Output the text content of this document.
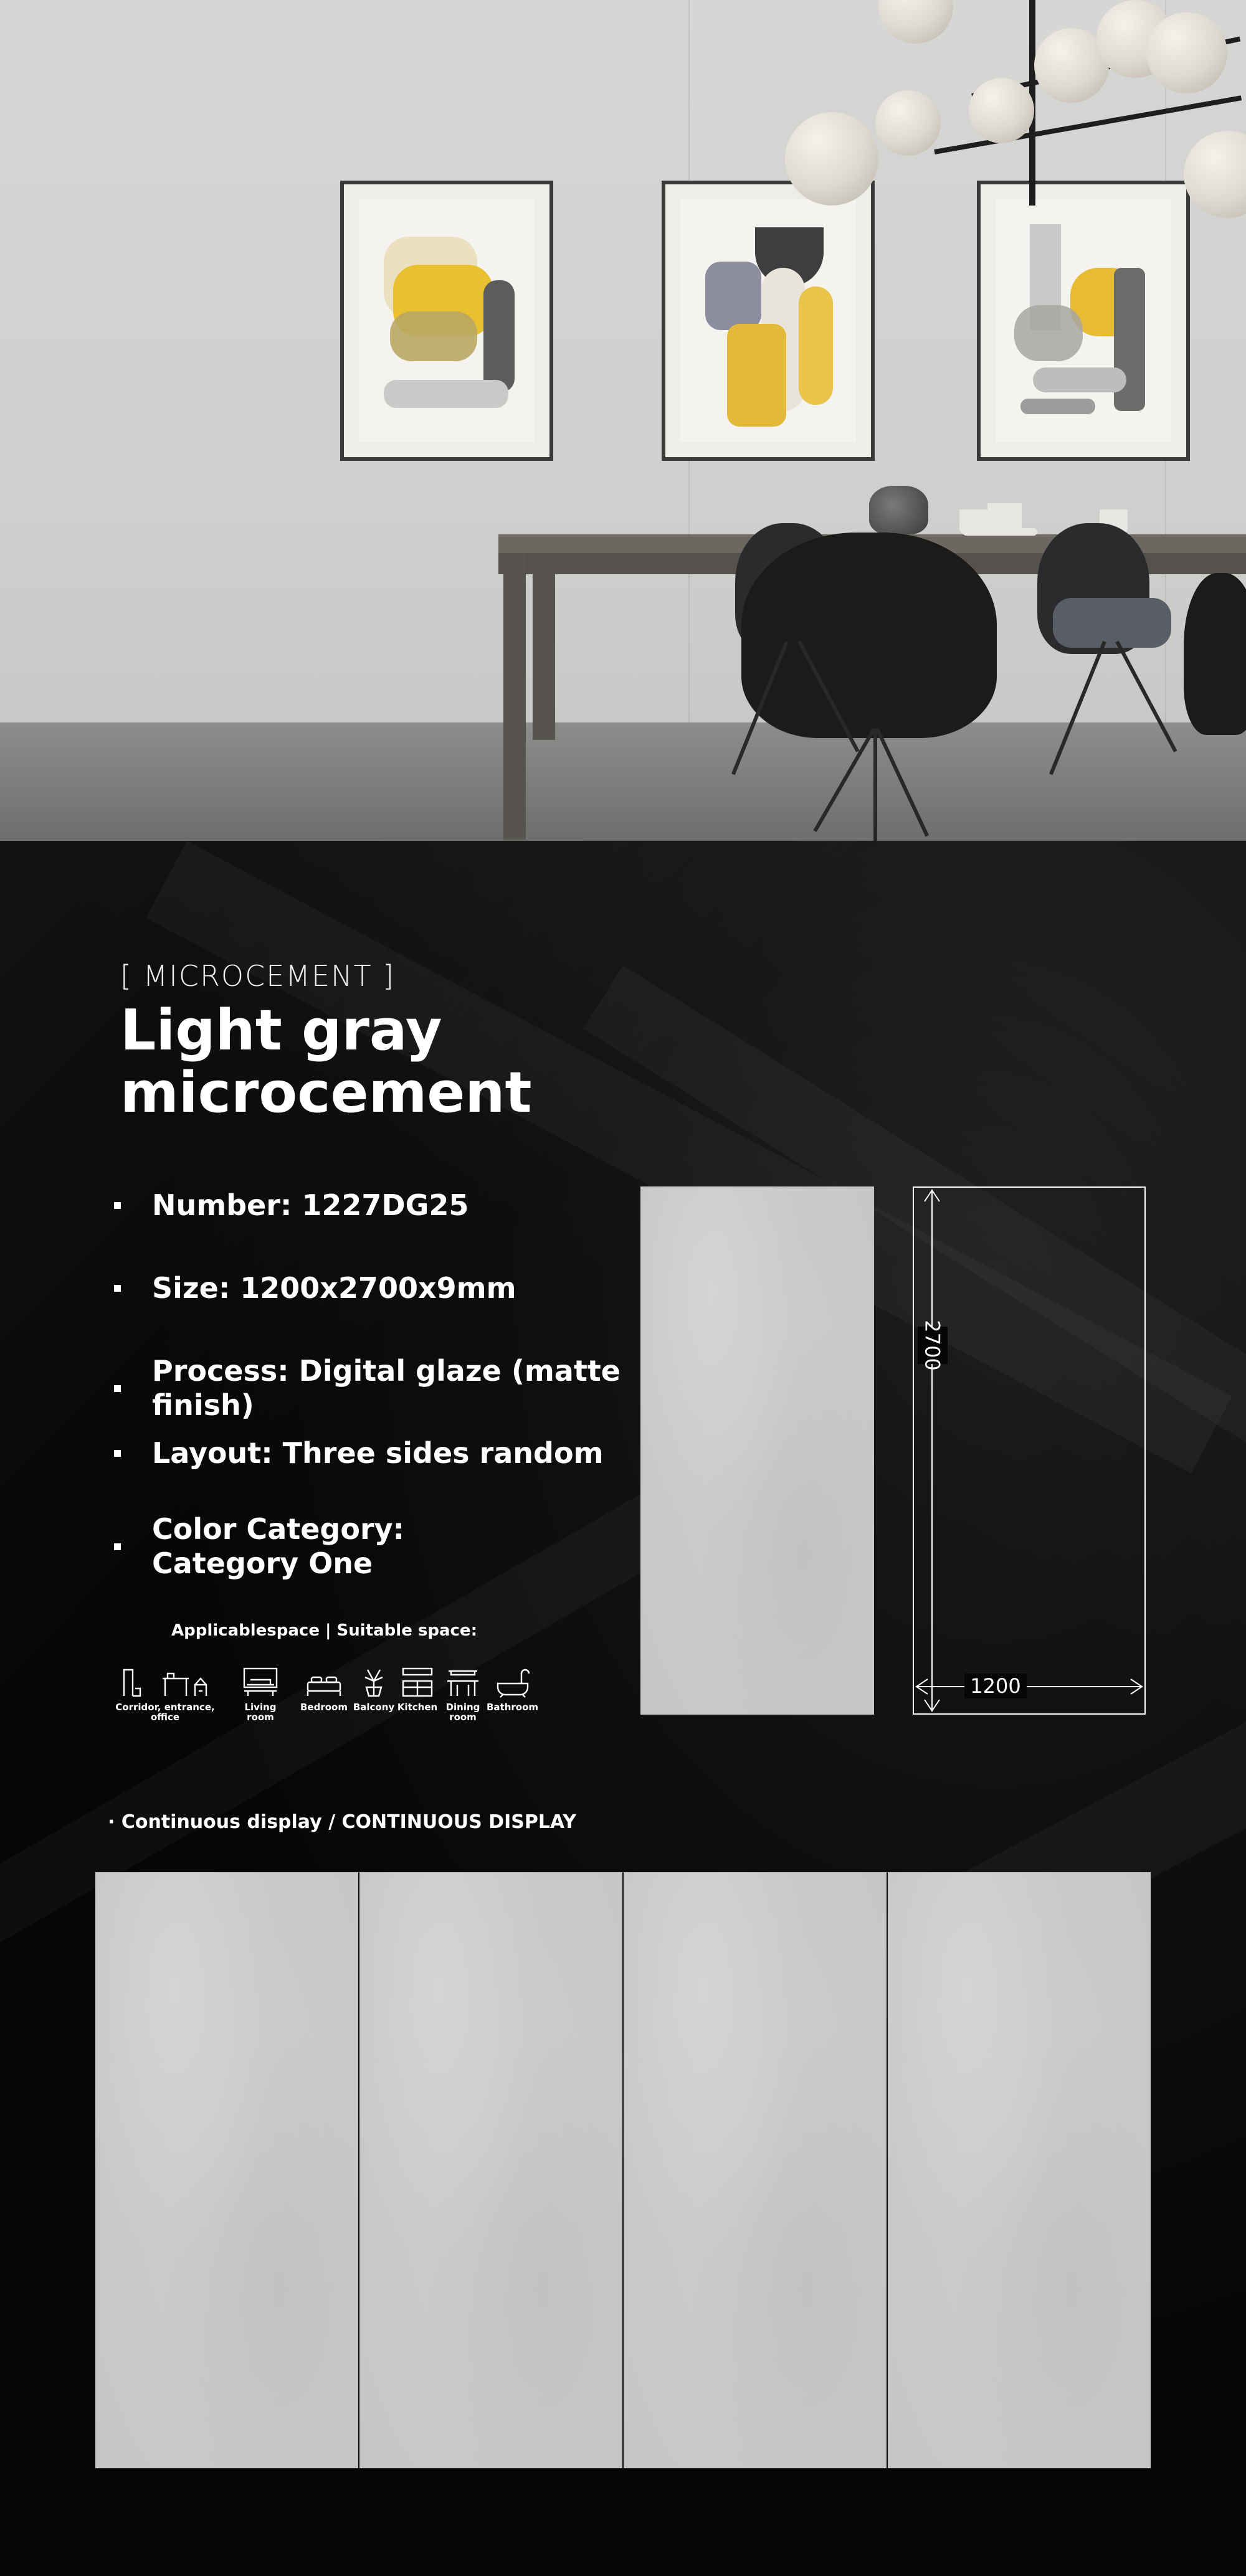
[ MICROCEMENT ]
Light gray
microcement
Number: 1227DG25
Size: 1200x2700x9mm
Process: Digital glaze (matte finish)
Layout: Three sides random
Color Category:
Category One
Applicablespace | Suitable space:
Corridor, entrance, office
Living
room
Bedroom Balcony Kitchen Dining
room
Bathroom
2700
1200
· Continuous display / CONTINUOUS DISPLAY
